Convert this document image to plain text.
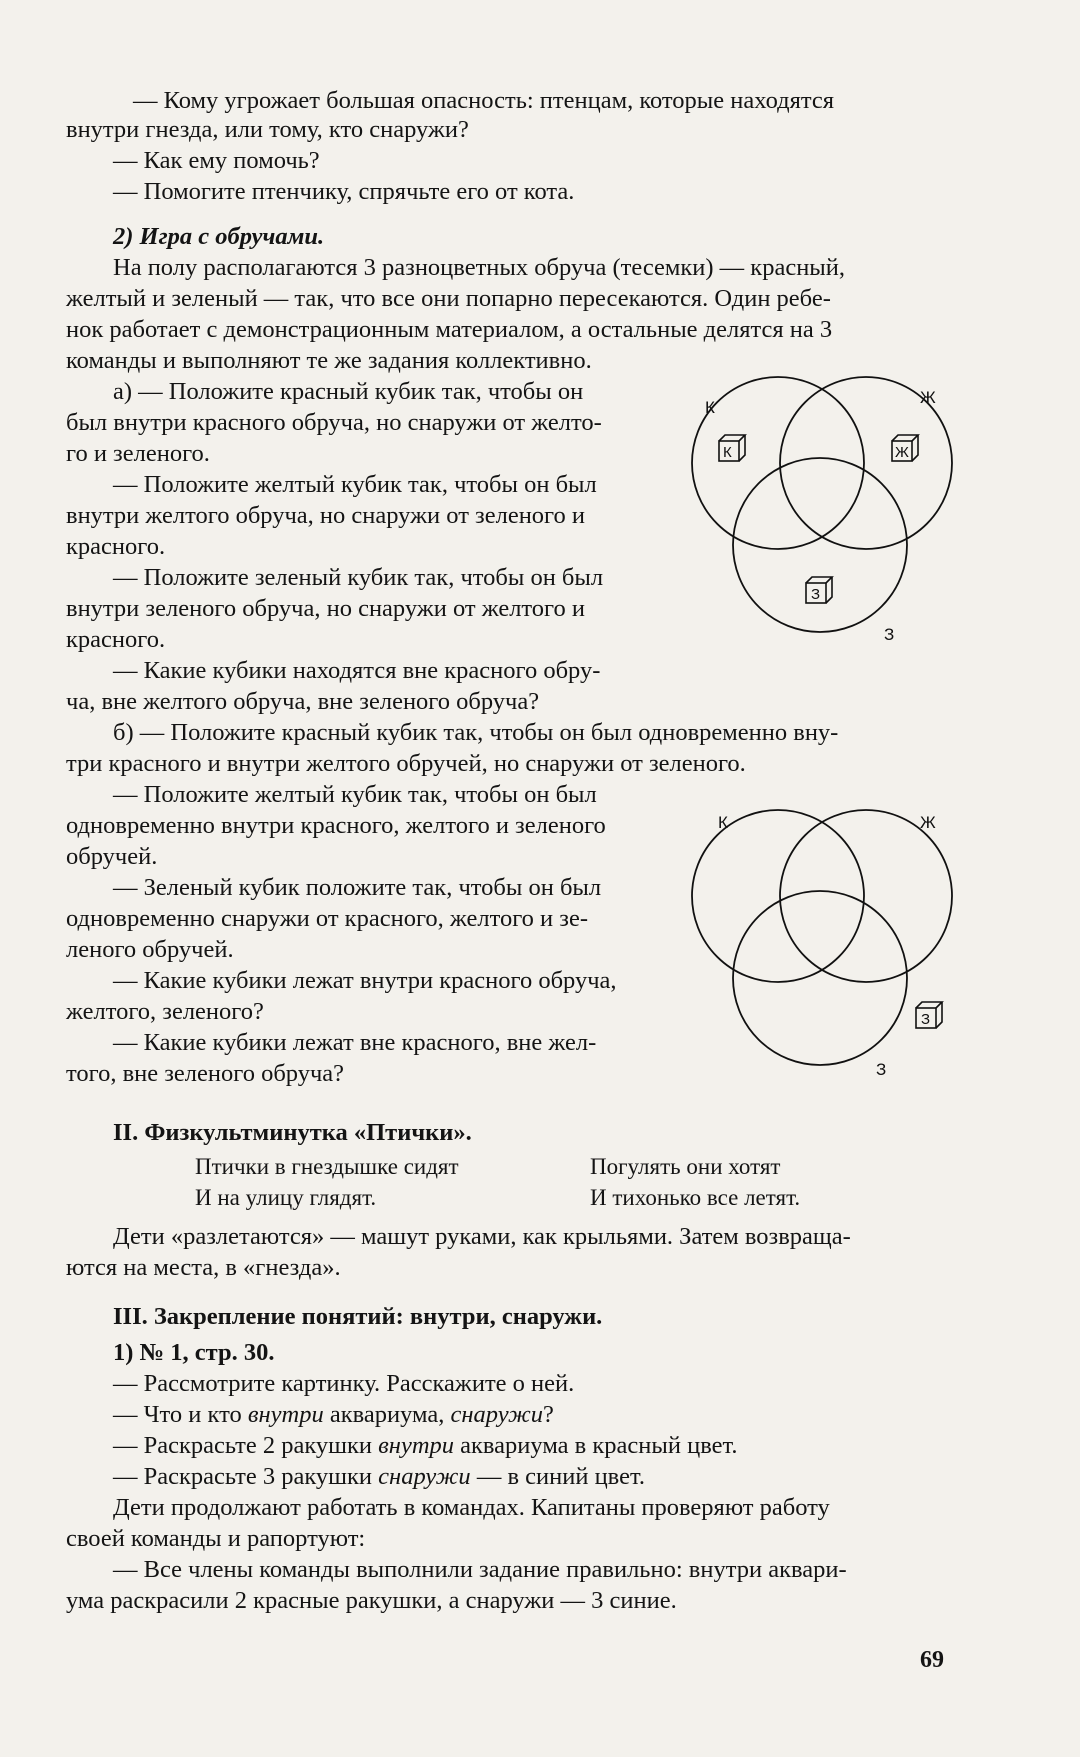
— Кому угрожает большая опасность: птенцам, которые находятся

внутри гнезда, или тому, кто снаружи?

— Как ему помочь?

— Помогите птенчику, спрячьте его от кота.

2) Игра с обручами.

На полу располагаются 3 разноцветных обруча (тесемки) — красный,

желтый и зеленый — так, что все они попарно пересекаются. Один ребе-

нок работает с демонстрационным материалом, а остальные делятся на 3

команды и выполняют те же задания коллективно.

а) — Положите красный кубик так, чтобы он

был внутри красного обруча, но снаружи от желто-

го и зеленого.

— Положите желтый кубик так, чтобы он был

внутри желтого обруча, но снаружи от зеленого и

красного.

— Положите зеленый кубик так, чтобы он был

внутри зеленого обруча, но снаружи от желтого и

красного.

— Какие кубики находятся вне красного обру-

ча, вне желтого обруча, вне зеленого обруча?

б) — Положите красный кубик так, чтобы он был одновременно вну-

три красного и внутри желтого обручей, но снаружи от зеленого.

— Положите желтый кубик так, чтобы он был

одновременно внутри красного, желтого и зеленого

обручей.

— Зеленый кубик положите так, чтобы он был

одновременно снаружи от красного, желтого и зе-

леного обручей.

— Какие кубики лежат внутри красного обруча,

желтого, зеленого?

— Какие кубики лежат вне красного, вне жел-

того, вне зеленого обруча?

II. Физкультминутка «Птички».

Птички в гнездышке сидят	Погулять они хотят

И на улицу глядят.	И тихонько все летят.

Дети «разлетаются» — машут руками, как крыльями. Затем возвраща-

ются на места, в «гнезда».

III. Закрепление понятий: внутри, снаружи.

1) № 1, стр. 30.

— Рассмотрите картинку. Расскажите о ней.

— Что и кто внутри аквариума, снаружи?

— Раскрасьте 2 ракушки внутри аквариума в красный цвет.

— Раскрасьте 3 ракушки снаружи — в синий цвет.

Дети продолжают работать в командах. Капитаны проверяют работу

своей команды и рапортуют:

— Все члены команды выполнили задание правильно: внутри аквари-

ума раскрасили 2 красные ракушки, а снаружи — 3 синие.

69

К
Ж
З
К	Ж
З
К	Ж
З
З
